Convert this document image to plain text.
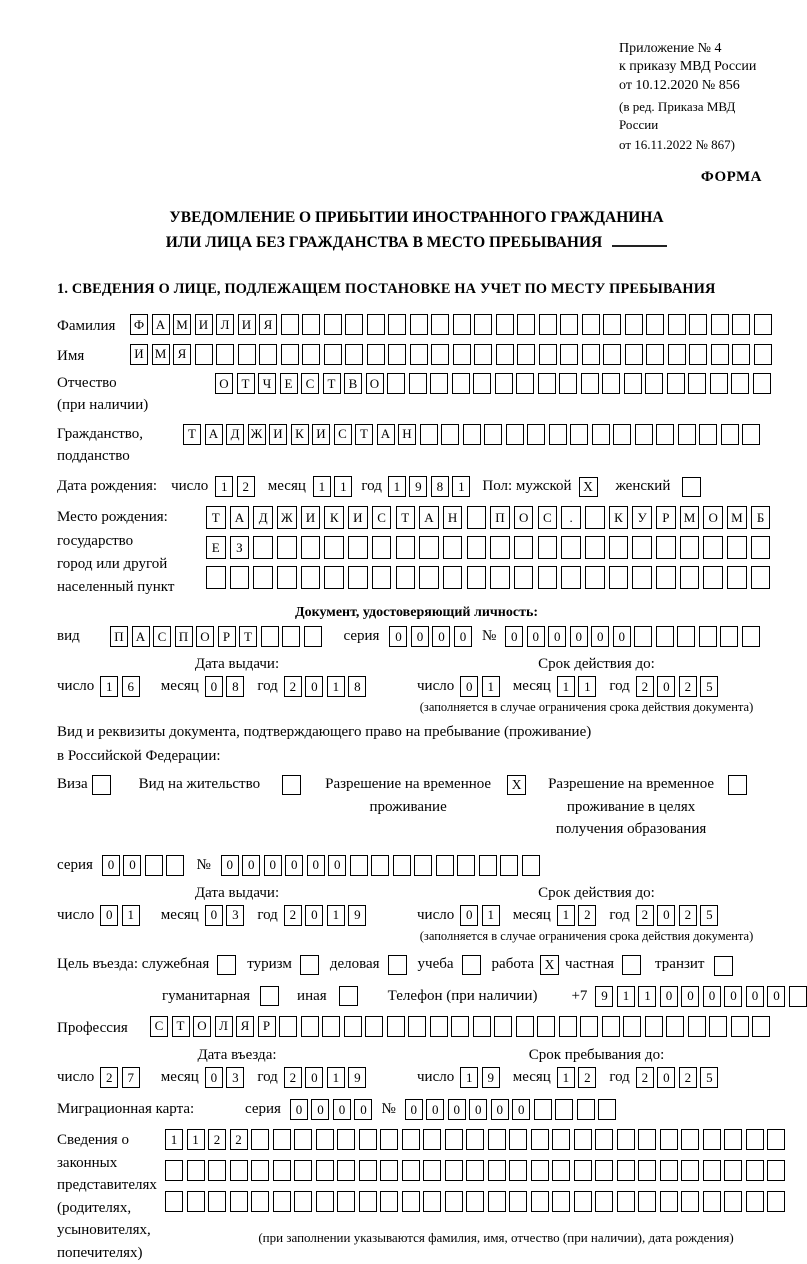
Приложение № 4
к приказу МВД России
от 10.12.2020 № 856
(в ред. Приказа МВД России
от 16.11.2022 № 867)
ФОРМА
УВЕДОМЛЕНИЕ О ПРИБЫТИИ ИНОСТРАННОГО ГРАЖДАНИНА
ИЛИ ЛИЦА БЕЗ ГРАЖДАНСТВА В МЕСТО ПРЕБЫВАНИЯ
1. СВЕДЕНИЯ О ЛИЦЕ, ПОДЛЕЖАЩЕМ ПОСТАНОВКЕ НА УЧЕТ ПО МЕСТУ ПРЕБЫВАНИЯ
Фамилия	Ф А М И Л И Я
Имя	И М Я
Отчество
(при наличии)
О Т	Ч	Е	С	Т	В О
Гражданство,
подданство
Т А Д Ж И К И С	Т А Н
Дата рождения: число 1	2	месяц 1	1 год 1	9	8	1	Пол: мужской X	женский
Место рождения:
государство
город или другой
населенный пункт
Т	А	Д	Ж	И	К	И	С	Т	А	Н	П	О	С	.	К	У	Р	М	О	М	Б
Е	З
Документ, удостоверяющий личность:
вид	П А С П О	Р	Т	серия	0	0	0	0	№	0	0	0	0	0	0
Дата выдачи:	Срок действия до:
число 1	6	месяц 0	8	год 2	0	1	8	число 0	1	месяц 1	1	год 2	0	2	5
(заполняется в случае ограничения срока действия документа)
Вид и реквизиты документа, подтверждающего право на пребывание (проживание)
в Российской Федерации:
Виза	Вид на жительство	Разрешение на временное
проживание
X	Разрешение на временное
проживание в целях
получения образования
серия	0	0	№	0	0	0	0	0	0
Дата выдачи:	Срок действия до:
число 0	1	месяц 0	3	год 2	0	1	9	число 0	1	месяц 1	2	год 2	0	2	5
(заполняется в случае ограничения срока действия документа)
Цель въезда: служебная	туризм	деловая	учеба	работа X частная	транзит
гуманитарная	иная	Телефон (при наличии) +7	9	1	1	0	0	0	0	0	0
Профессия	С	Т О Л Я	Р
Дата въезда:	Срок пребывания до:
число 2	7	месяц 0	3	год 2	0	1	9	число 1	9	месяц 1	2	год 2	0	2	5
Миграционная карта:	серия	0	0	0	0 №	0	0	0	0	0	0
Сведения о
законных
представителях
(родителях,
усыновителях,
попечителях)
1	1	2	2
(при заполнении указываются фамилия, имя, отчество (при наличии), дата рождения)
